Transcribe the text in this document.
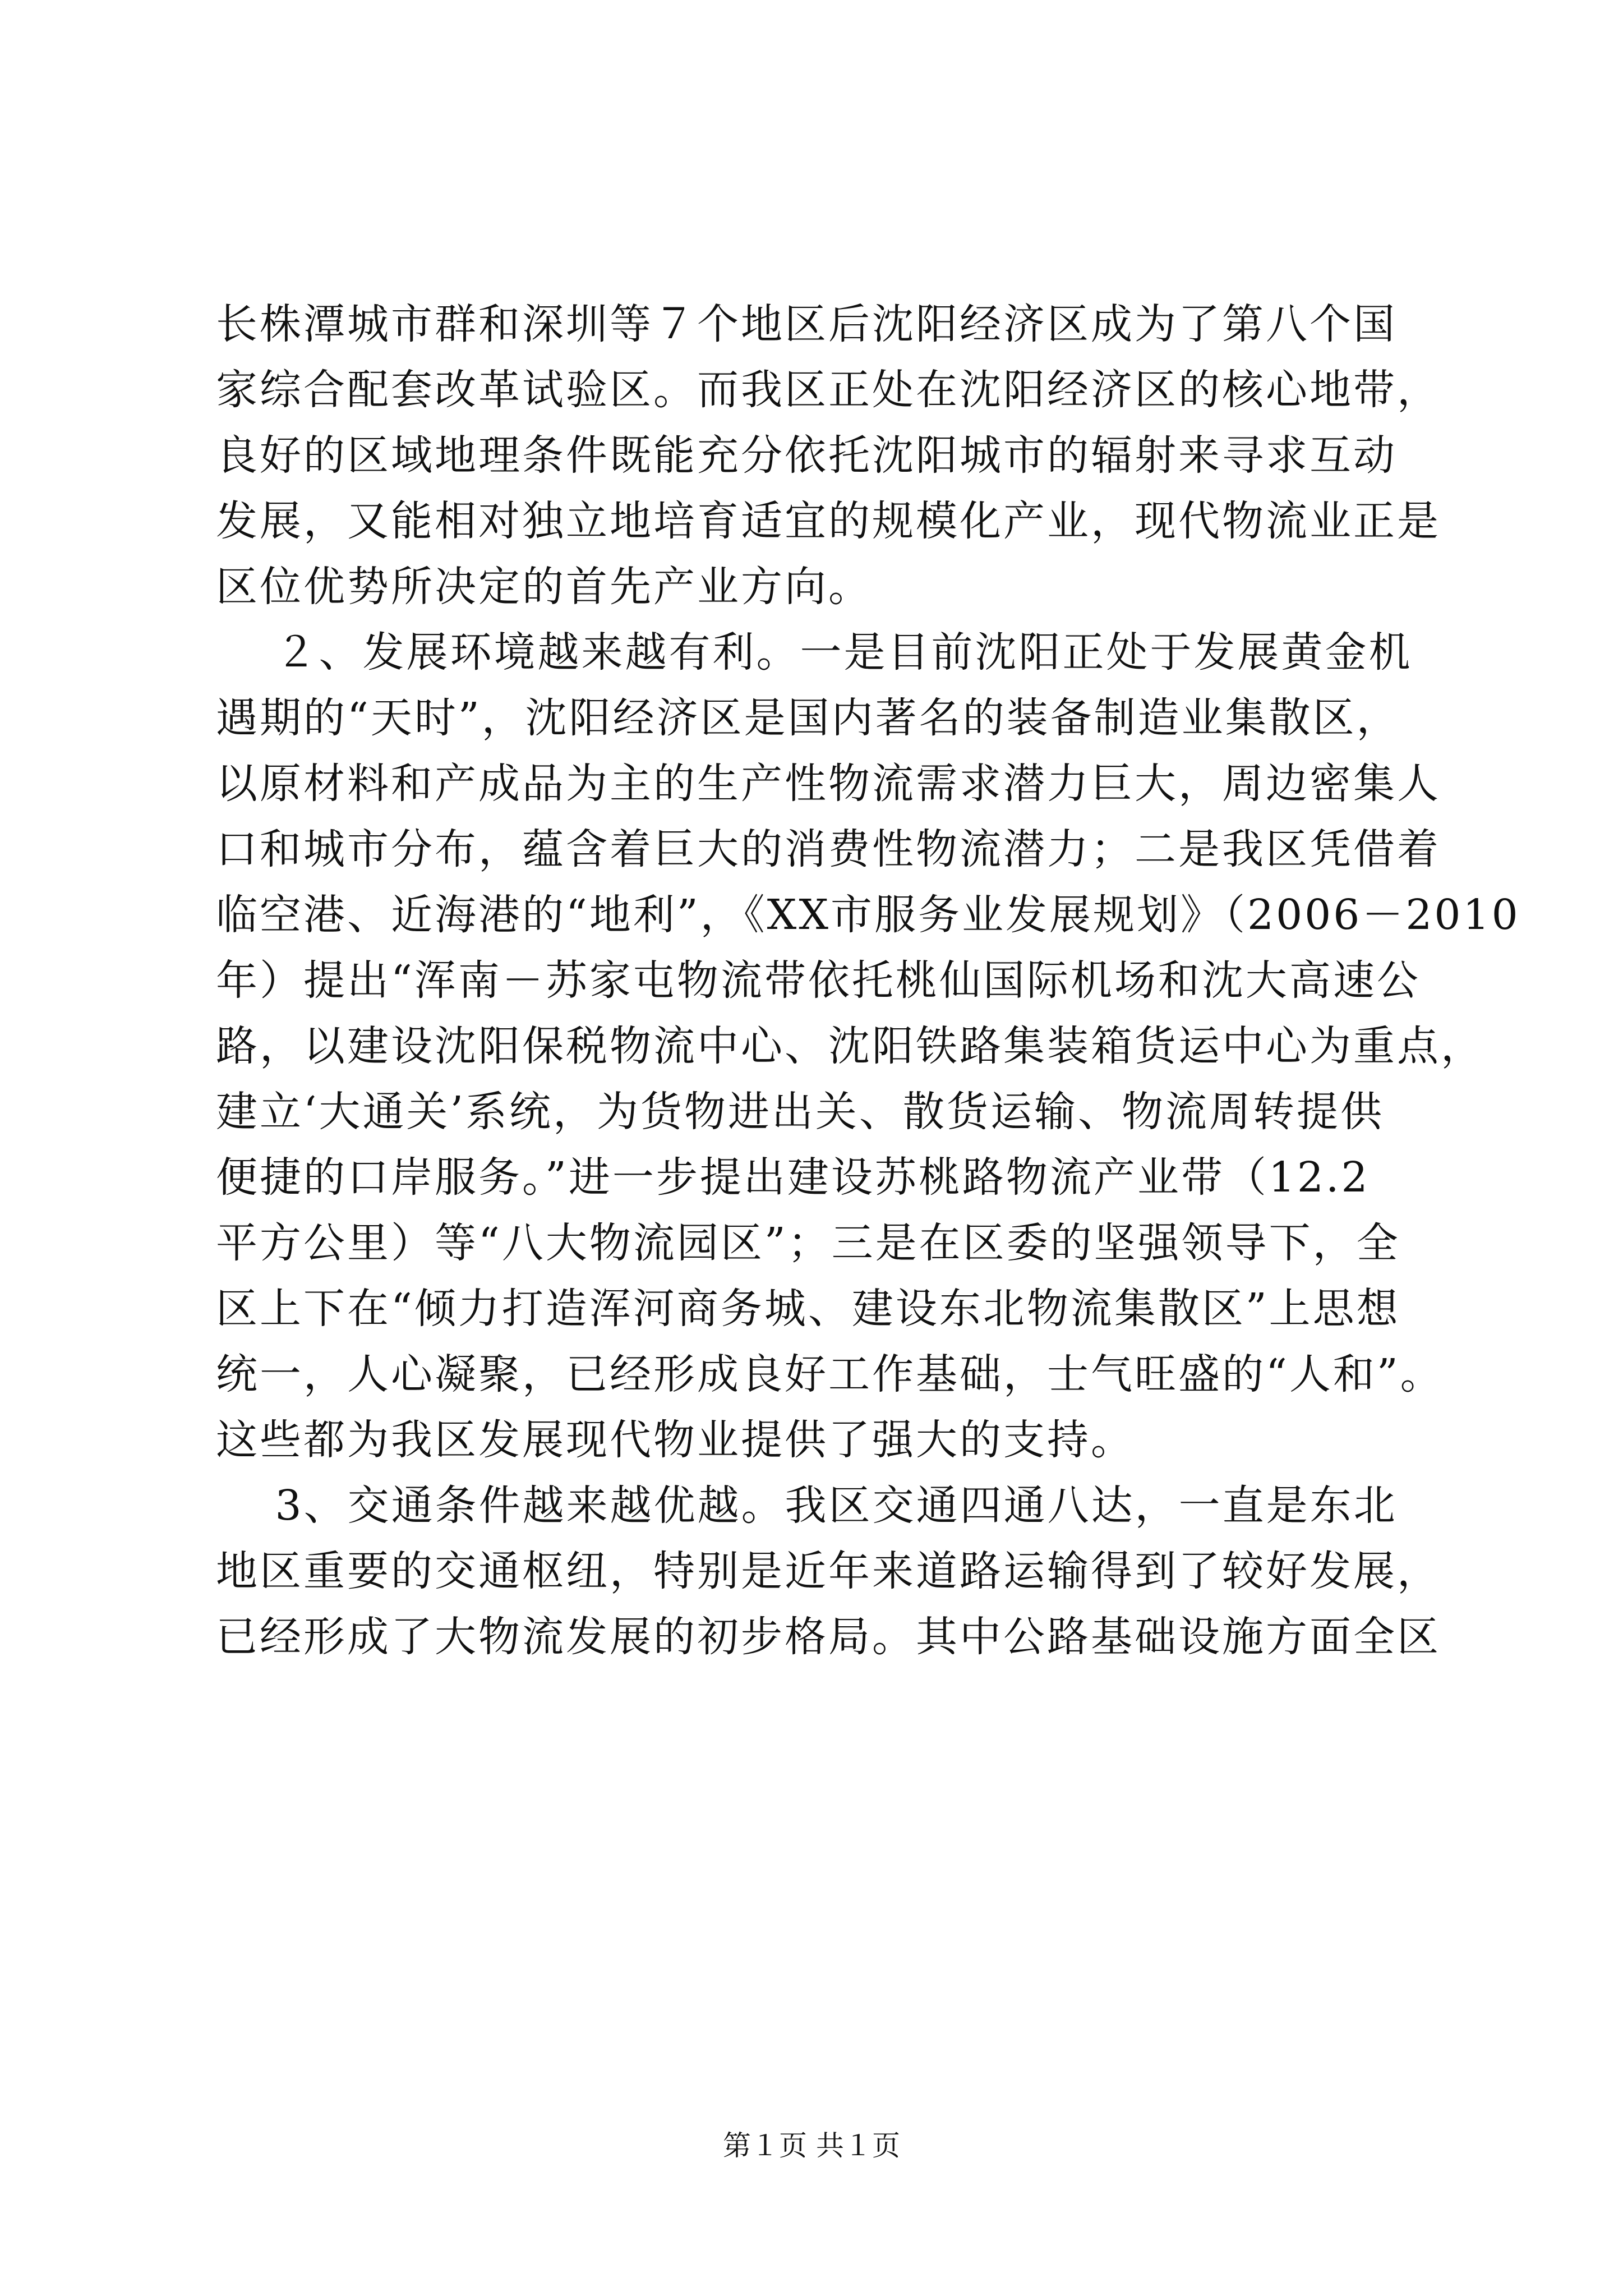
长株潭城市群和深圳等７个地区后沈阳经济区成为了第八个国
家综合配套改革试验区。而我区正处在沈阳经济区的核心地带，
良好的区域地理条件既能充分依托沈阳城市的辐射来寻求互动
发展，又能相对独立地培育适宜的规模化产业，现代物流业正是
区位优势所决定的首先产业方向。
　 ２、发展环境越来越有利。一是目前沈阳正处于发展黄金机
遇期的“天时”，沈阳经济区是国内著名的装备制造业集散区，
以原材料和产成品为主的生产性物流需求潜力巨大，周边密集人
口和城市分布，蕴含着巨大的消费性物流潜力；二是我区凭借着
临空港、近海港的“地利”，《XX市服务业发展规划》（2006－2010
年）提出“浑南－苏家屯物流带依托桃仙国际机场和沈大高速公
路，以建设沈阳保税物流中心、沈阳铁路集装箱货运中心为重点，
建立‘大通关’系统，为货物进出关、散货运输、物流周转提供
便捷的口岸服务。”进一步提出建设苏桃路物流产业带（12.2
平方公里）等“八大物流园区”；三是在区委的坚强领导下，全
区上下在“倾力打造浑河商务城、建设东北物流集散区”上思想
统一，人心凝聚，已经形成良好工作基础，士气旺盛的“人和”。
这些都为我区发展现代物业提供了强大的支持。
　 3、交通条件越来越优越。我区交通四通八达，一直是东北
地区重要的交通枢纽，特别是近年来道路运输得到了较好发展，
已经形成了大物流发展的初步格局。其中公路基础设施方面全区
第１页 共１页
